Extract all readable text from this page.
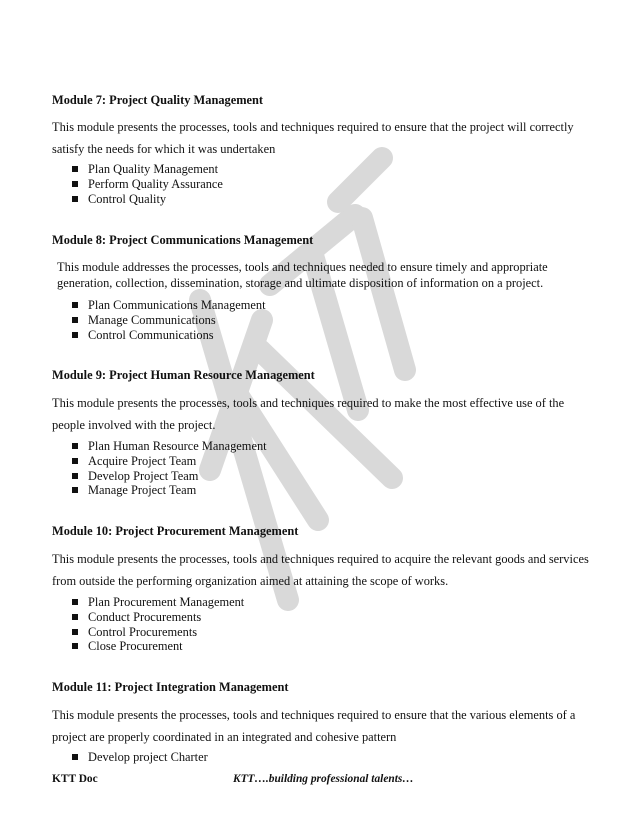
Module 7: Project Quality Management
This module presents the processes, tools and techniques required to ensure that the project will correctly satisfy the needs for which it was undertaken
Plan Quality Management
Perform Quality Assurance
Control Quality
Module 8: Project Communications Management
This module addresses the processes, tools and techniques needed to ensure timely and appropriate generation, collection, dissemination, storage and ultimate disposition of information on a project.
Plan Communications Management
Manage Communications
Control Communications
Module 9: Project Human Resource Management
This module presents the processes, tools and techniques required to make the most effective use of the people involved with the project.
Plan Human Resource Management
Acquire Project Team
Develop Project Team
Manage Project Team
Module 10: Project Procurement Management
This module presents the processes, tools and techniques required to acquire the relevant goods and services from outside the performing organization aimed at attaining the scope of works.
Plan Procurement Management
Conduct Procurements
Control Procurements
Close Procurement
Module 11: Project Integration Management
This module presents the processes, tools and techniques required to ensure that the various elements of a project are properly coordinated in an integrated and cohesive pattern
Develop project Charter
KTT Doc	KTT….building professional talents…
